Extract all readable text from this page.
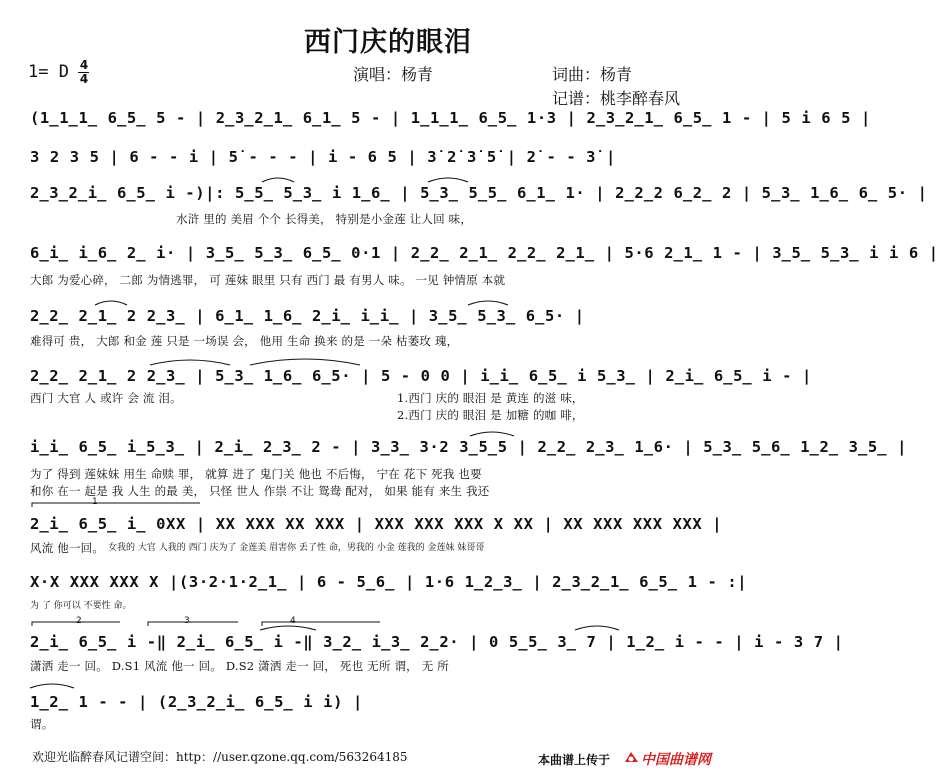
西门庆的眼泪
1= D 4
4	演唱：杨青	词曲：杨青
记谱：桃李醉春风
(1̲1̲1̲ 6̲5̲ 5 - | 2̲3̲2̲1̲ 6̲1̲ 5 - | 1̲1̲1̲ 6̲5̲ 1·3 | 2̲3̲2̲1̲ 6̲5̲ 1 - | 5 i 6 5 |
3 2 3 5 | 6 - - i | 5̇ - - - | i - 6 5 | 3̇ 2̇ 3̇ 5̇ | 2̇ - - 3̇ |
2̲3̲2̲i̲ 6̲5̲ i -)|: 5̲5̲ 5̲3̲ i 1̲6̲ | 5̲3̲ 5̲5̲ 6̲1̲ 1· | 2̲2̲2 6̲2̲ 2 | 5̲3̲ 1̲6̲ 6̲ 5· |
水浒 里的 美眉 个个 长得美， 特别是小金莲 让人回 味，
6̲i̲ i̲6̲ 2̲ i· | 3̲5̲ 5̲3̲ 6̲5̲ 0·1 | 2̲2̲ 2̲1̲ 2̲2̲ 2̲1̲ | 5·6 2̲1̲ 1 - | 3̲5̲ 5̲3̲ i i 6 |
大郎 为爱心碎， 二郎 为情逃罪， 可 莲妹 眼里 只有 西门 最 有男人 味。 一见 钟情原 本就
2̲2̲ 2̲1̲ 2 2̲3̲ | 6̲1̲ 1̲6̲ 2̲i̲ i̲i̲ | 3̲5̲ 5̲3̲ 6̲5· |
难得可 贵， 大郎 和金 莲 只是 一场误 会， 他用 生命 换来 的是 一朵 枯萎玫 瑰，
2̲2̲ 2̲1̲ 2 2̲3̲ | 5̲3̲ 1̲6̲ 6̲5· | 5 - 0 0 | i̲i̲ 6̲5̲ i 5̲3̲ | 2̲i̲ 6̲5̲ i - |
西门 大官 人 或许 会 流 泪。	1.西门 庆的 眼泪 是 黄连 的滋 味，
2.西门 庆的 眼泪 是 加糖 的咖 啡，
i̲i̲ 6̲5̲ i̲5̲3̲ | 2̲i̲ 2̲3̲ 2 - | 3̲3̲ 3·2 3̲5̲5 | 2̲2̲ 2̲3̲ 1̲6· | 5̲3̲ 5̲6̲ 1̲2̲ 3̲5̲ |
为了 得到 莲妹妹 用生 命赎 罪， 就算 进了 鬼门关 他也 不后悔， 宁在 花下 死我 也要
和你 在一 起是 我 人生 的最 美， 只怪 世人 作祟 不让 鸳鸯 配对， 如果 能有 来生 我还
2̲i̲ 6̲5̲ i̲ 0XX | XX XXX XX XXX | XXX XXX XXX X XX | XX XXX XXX XXX |
风流 他一回。 女我的 大官 人我的 西门 庆为了 金莲美 眉害你 丢了性 命，男我的 小金 莲我的 金莲妹 妹哥哥
X·X XXX XXX X |(3·2·1·2̲1̲ | 6 - 5̲6̲ | 1·6 1̲2̲3̲ | 2̲3̲2̲1̲ 6̲5̲ 1 - :|
为 了 你可以 不要性 命。
2̲i̲ 6̲5̲ i -‖ 2̲i̲ 6̲5̲ i -‖ 3̲2̲ i̲3̲ 2̲2· | 0 5̲5̲ 3̲ 7 | 1̲2̲ i - - | i - 3 7 |
潇洒 走一 回。 D.S1 风流 他一 回。 D.S2 潇洒 走一 回， 死也 无所 谓， 无 所
1̲2̲ 1 - - | (2̲3̲2̲i̲ 6̲5̲ i i) |
谓。
1
2	3	4
欢迎光临醉春风记谱空间：http：//user.qzone.qq.com/563264185	本曲谱上传于 中国曲谱网
